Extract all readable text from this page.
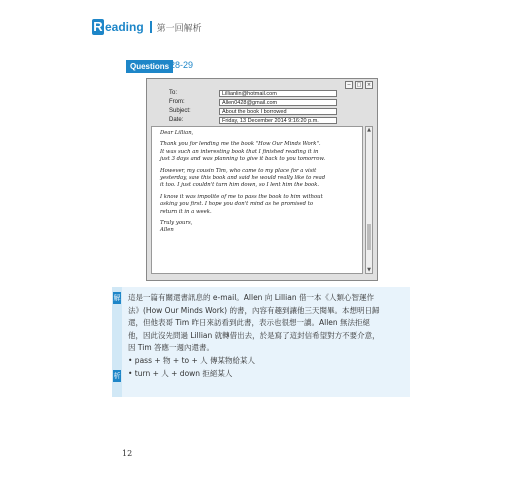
R eading 第一回解析
Questions 28-29
−	□	×
To:	Lillianlin@hotmail.com
From:	Allen0428@gmail.com
Subject:	About the book I borrowed
Date:	Friday, 13 December 2014 9:16:20 p.m.

Dear Lillian,

Thank you for lending me the book "How Our Minds Work".
It was such an interesting book that I finished reading it in
just 3 days and was planning to give it back to you tomorrow.

However, my cousin Tim, who came to my place for a visit
yesterday, saw this book and said he would really like to read
it too. I just couldn't turn him down, so I lent him the book.

I know it was impolite of me to pass the book to him without
asking you first. I hope you don't mind as he promised to
return it in a week.

Truly yours,
Allen

▲
▼
解
析
這是一篇有關還書訊息的 e-mail。Allen 向 Lillian 借一本《人類心智運作
法》(How Our Minds Work) 的書，內容有趣到讓他三天閱畢。本想明日歸
還，但他表哥 Tim 昨日來訪看到此書，表示也很想一讀。Allen 無法拒絕
他，因此沒先問過 Lillian 就轉借出去，於是寫了這封信希望對方不要介意，
因 Tim 答應一週內還書。
• pass + 物 + to + 人 傳某物給某人
• turn + 人 + down 拒絕某人
12
